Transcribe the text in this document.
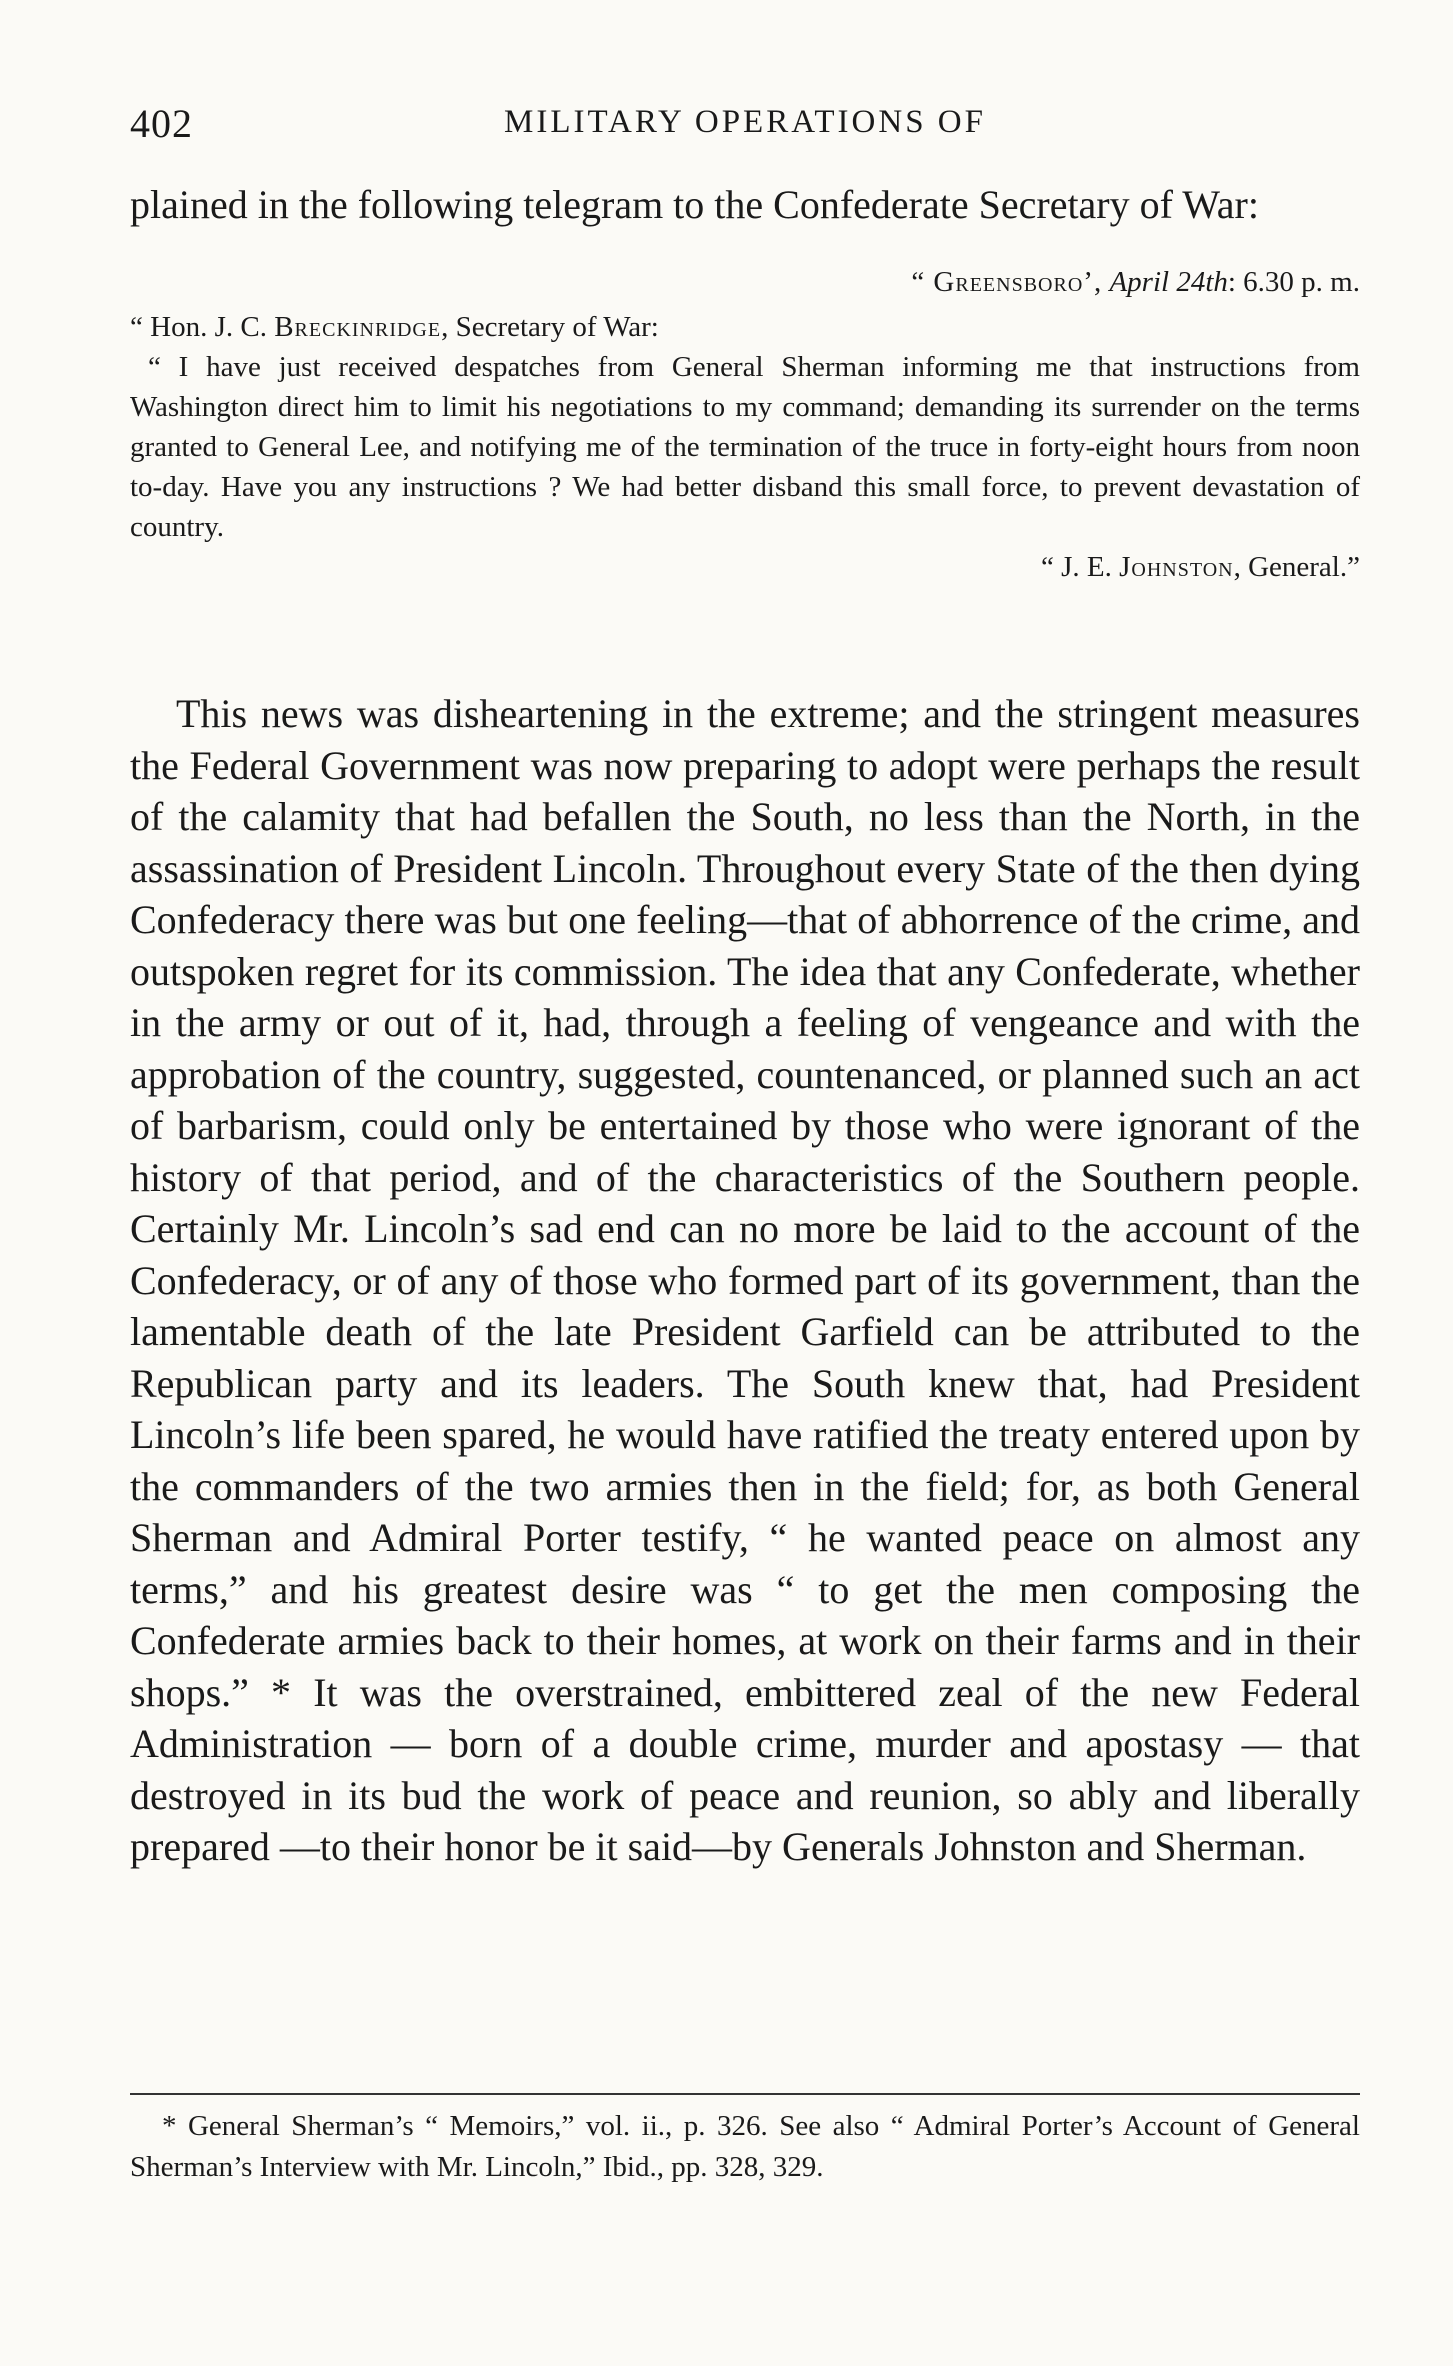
402	MILITARY OPERATIONS OF

plained in the following telegram to the Confederate Secretary of War:

“ Greensboro’, April 24th: 6.30 p. m.

“ Hon. J. C. Breckinridge, Secretary of War:

“ I have just received despatches from General Sherman informing me that instructions from Washington direct him to limit his negotiations to my command; demanding its surrender on the terms granted to General Lee, and notifying me of the termination of the truce in forty-eight hours from noon to-day. Have you any instructions ? We had better disband this small force, to prevent devastation of country.

“ J. E. Johnston, General.”

This news was disheartening in the extreme; and the stringent measures the Federal Government was now preparing to adopt were perhaps the result of the calamity that had befallen the South, no less than the North, in the assassination of President Lincoln. Throughout every State of the then dying Confederacy there was but one feeling—that of abhorrence of the crime, and outspoken regret for its commission. The idea that any Confederate, whether in the army or out of it, had, through a feeling of vengeance and with the approbation of the country, suggested, countenanced, or planned such an act of barbarism, could only be entertained by those who were ignorant of the history of that period, and of the characteristics of the Southern people. Certainly Mr. Lincoln’s sad end can no more be laid to the account of the Confederacy, or of any of those who formed part of its government, than the lamentable death of the late President Garfield can be attributed to the Republican party and its leaders. The South knew that, had President Lincoln’s life been spared, he would have ratified the treaty entered upon by the commanders of the two armies then in the field; for, as both General Sherman and Admiral Porter testify, “ he wanted peace on almost any terms,” and his greatest desire was “ to get the men composing the Confederate armies back to their homes, at work on their farms and in their shops.” * It was the overstrained, embittered zeal of the new Federal Administration — born of a double crime, murder and apostasy — that destroyed in its bud the work of peace and reunion, so ably and liberally prepared —to their honor be it said—by Generals Johnston and Sherman.

* General Sherman’s “ Memoirs,” vol. ii., p. 326. See also “ Admiral Porter’s Account of General Sherman’s Interview with Mr. Lincoln,” Ibid., pp. 328, 329.
